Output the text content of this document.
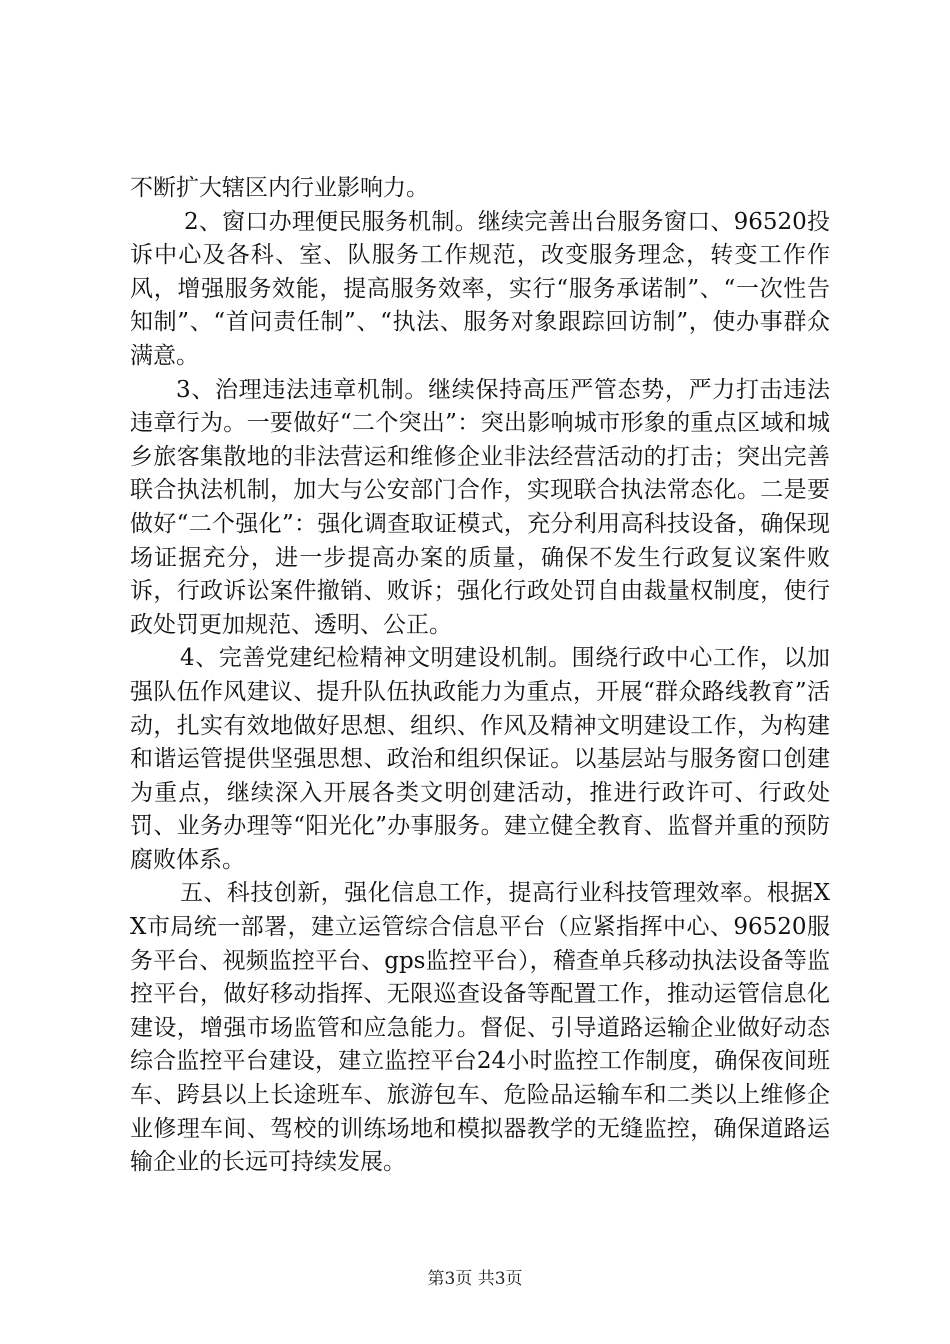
不断扩大辖区内行业影响力。

2、窗口办理便民服务机制。继续完善出台服务窗口、96520投诉中心及各科、室、队服务工作规范，改变服务理念，转变工作作风，增强服务效能，提高服务效率，实行“服务承诺制”、“一次性告知制”、“首问责任制”、“执法、服务对象跟踪回访制”，使办事群众满意。

3、治理违法违章机制。继续保持高压严管态势，严力打击违法违章行为。一要做好“二个突出”：突出影响城市形象的重点区域和城乡旅客集散地的非法营运和维修企业非法经营活动的打击；突出完善联合执法机制，加大与公安部门合作，实现联合执法常态化。二是要做好“二个强化”：强化调查取证模式，充分利用高科技设备，确保现场证据充分，进一步提高办案的质量，确保不发生行政复议案件败诉，行政诉讼案件撤销、败诉；强化行政处罚自由裁量权制度，使行政处罚更加规范、透明、公正。

4、完善党建纪检精神文明建设机制。围绕行政中心工作，以加强队伍作风建议、提升队伍执政能力为重点，开展“群众路线教育”活动，扎实有效地做好思想、组织、作风及精神文明建设工作，为构建和谐运管提供坚强思想、政治和组织保证。以基层站与服务窗口创建为重点，继续深入开展各类文明创建活动，推进行政许可、行政处罚、业务办理等“阳光化”办事服务。建立健全教育、监督并重的预防腐败体系。

五、科技创新，强化信息工作，提高行业科技管理效率。根据XX市局统一部署，建立运管综合信息平台（应紧指挥中心、96520服务平台、视频监控平台、gps监控平台），稽查单兵移动执法设备等监控平台，做好移动指挥、无限巡查设备等配置工作，推动运管信息化建设，增强市场监管和应急能力。督促、引导道路运输企业做好动态综合监控平台建设，建立监控平台24小时监控工作制度，确保夜间班车、跨县以上长途班车、旅游包车、危险品运输车和二类以上维修企业修理车间、驾校的训练场地和模拟器教学的无缝监控，确保道路运输企业的长远可持续发展。

第3页 共3页
